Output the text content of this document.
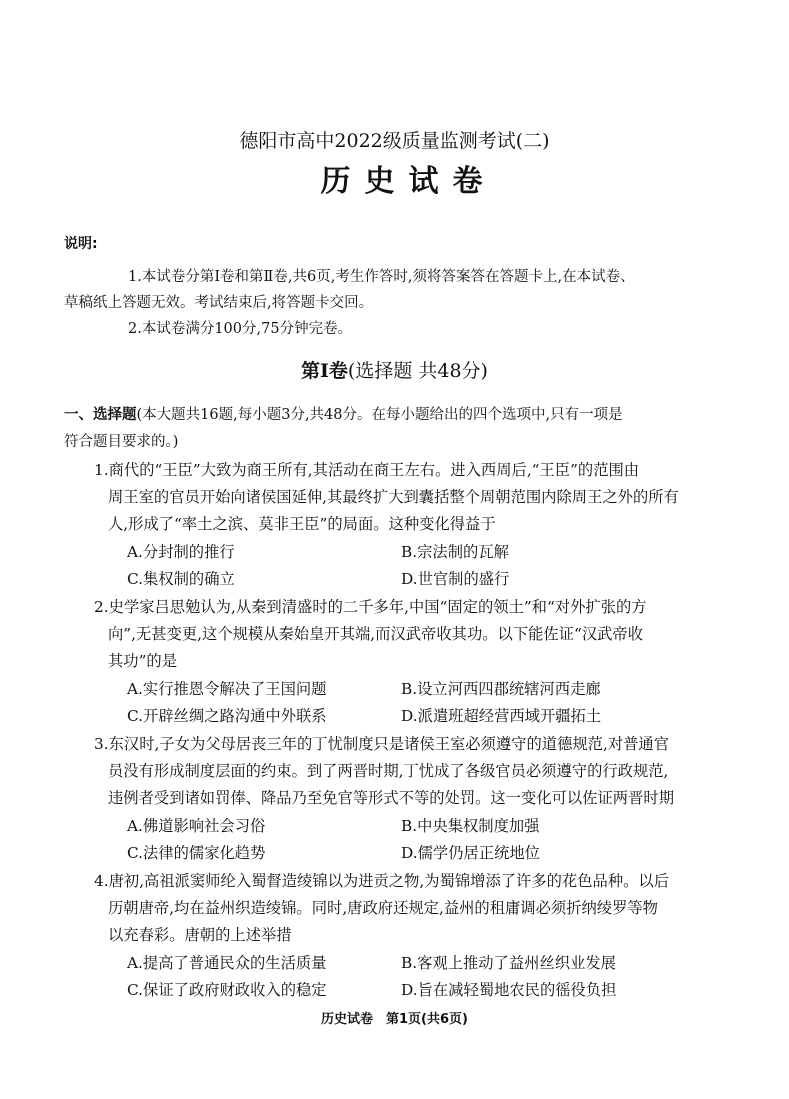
德阳市高中2022级质量监测考试(二)
历史试卷
说明:
1.本试卷分第Ⅰ卷和第Ⅱ卷,共6页,考生作答时,须将答案答在答题卡上,在本试卷、
草稿纸上答题无效。考试结束后,将答题卡交回。
2.本试卷满分100分,75分钟完卷。
第Ⅰ卷(选择题 共48分)
一、选择题(本大题共16题,每小题3分,共48分。在每小题给出的四个选项中,只有一项是
符合题目要求的。)
1.商代的“王臣”大致为商王所有,其活动在商王左右。进入西周后,“王臣”的范围由
周王室的官员开始向诸侯国延伸,其最终扩大到囊括整个周朝范围内除周王之外的所有
人,形成了“率土之滨、莫非王臣”的局面。这种变化得益于
A.分封制的推行	B.宗法制的瓦解
C.集权制的确立	D.世官制的盛行
2.史学家吕思勉认为,从秦到清盛时的二千多年,中国“固定的领土”和“对外扩张的方
向”,无甚变更,这个规模从秦始皇开其端,而汉武帝收其功。以下能佐证“汉武帝收
其功”的是
A.实行推恩令解决了王国问题	B.设立河西四郡统辖河西走廊
C.开辟丝绸之路沟通中外联系	D.派遣班超经营西域开疆拓土
3.东汉时,子女为父母居丧三年的丁忧制度只是诸侯王室必须遵守的道德规范,对普通官
员没有形成制度层面的约束。到了两晋时期,丁忧成了各级官员必须遵守的行政规范,
违例者受到诸如罚俸、降品乃至免官等形式不等的处罚。这一变化可以佐证两晋时期
A.佛道影响社会习俗	B.中央集权制度加强
C.法律的儒家化趋势	D.儒学仍居正统地位
4.唐初,高祖派窦师纶入蜀督造绫锦以为进贡之物,为蜀锦增添了许多的花色品种。以后
历朝唐帝,均在益州织造绫锦。同时,唐政府还规定,益州的租庸调必须折纳绫罗等物
以充春彩。唐朝的上述举措
A.提高了普通民众的生活质量	B.客观上推动了益州丝织业发展
C.保证了政府财政收入的稳定	D.旨在减轻蜀地农民的徭役负担
历史试卷　第1页(共6页)
